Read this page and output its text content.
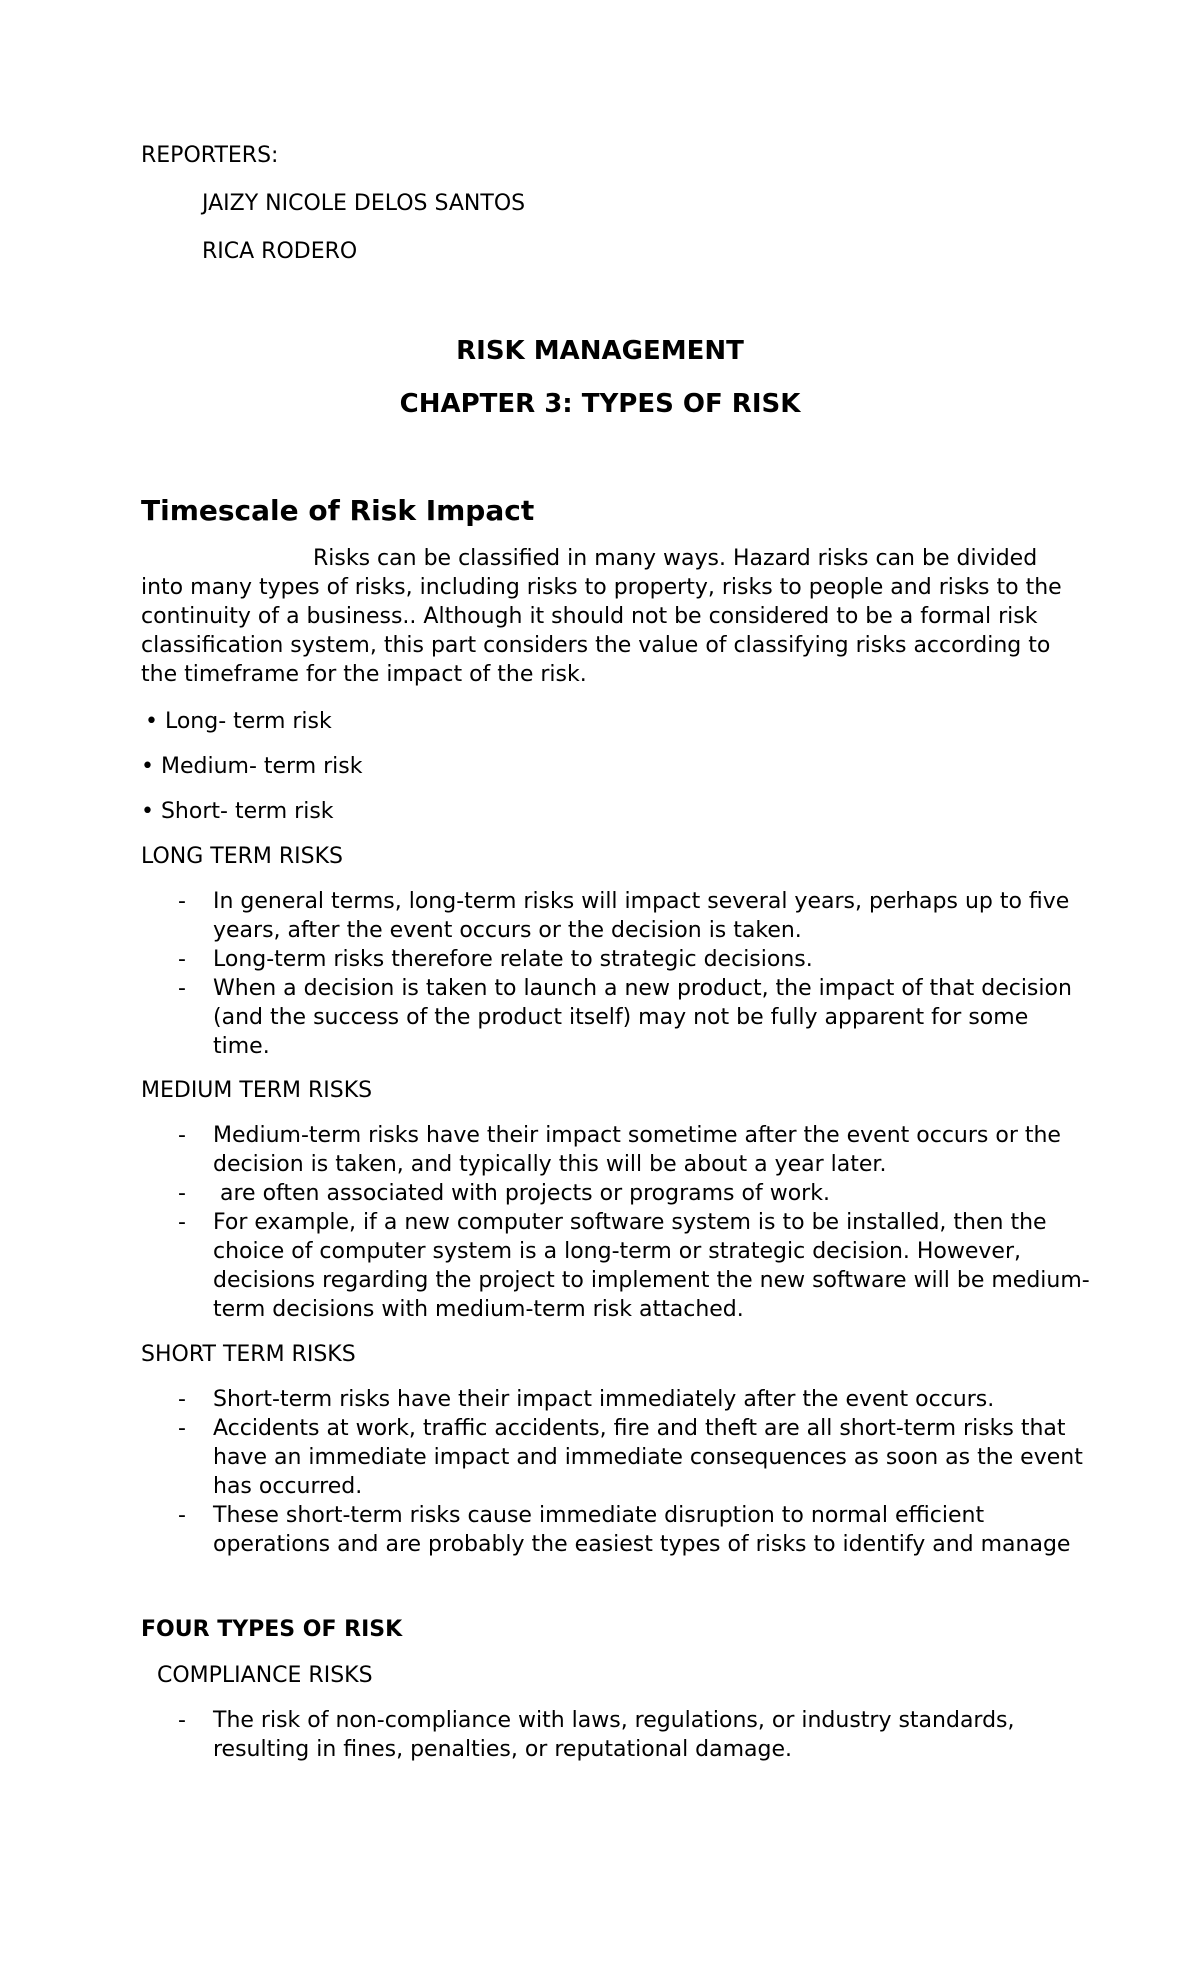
REPORTERS:
JAIZY NICOLE DELOS SANTOS
RICA RODERO
RISK MANAGEMENT
CHAPTER 3: TYPES OF RISK
Timescale of Risk Impact
Risks can be classified in many ways. Hazard risks can be divided into many types of risks, including risks to property, risks to people and risks to the continuity of a business.. Although it should not be considered to be a formal risk classification system, this part considers the value of classifying risks according to the timeframe for the impact of the risk.
• Long- term risk
• Medium- term risk
• Short- term risk
LONG TERM RISKS
- In general terms, long-term risks will impact several years, perhaps up to five years, after the event occurs or the decision is taken.
- Long-term risks therefore relate to strategic decisions.
- When a decision is taken to launch a new product, the impact of that decision (and the success of the product itself) may not be fully apparent for some time.
MEDIUM TERM RISKS
- Medium-term risks have their impact sometime after the event occurs or the decision is taken, and typically this will be about a year later.
- are often associated with projects or programs of work.
- For example, if a new computer software system is to be installed, then the choice of computer system is a long-term or strategic decision. However, decisions regarding the project to implement the new software will be medium-term decisions with medium-term risk attached.
SHORT TERM RISKS
- Short-term risks have their impact immediately after the event occurs.
- Accidents at work, traffic accidents, fire and theft are all short-term risks that have an immediate impact and immediate consequences as soon as the event has occurred.
- These short-term risks cause immediate disruption to normal efficient operations and are probably the easiest types of risks to identify and manage
FOUR TYPES OF RISK
COMPLIANCE RISKS
- The risk of non-compliance with laws, regulations, or industry standards, resulting in fines, penalties, or reputational damage.
